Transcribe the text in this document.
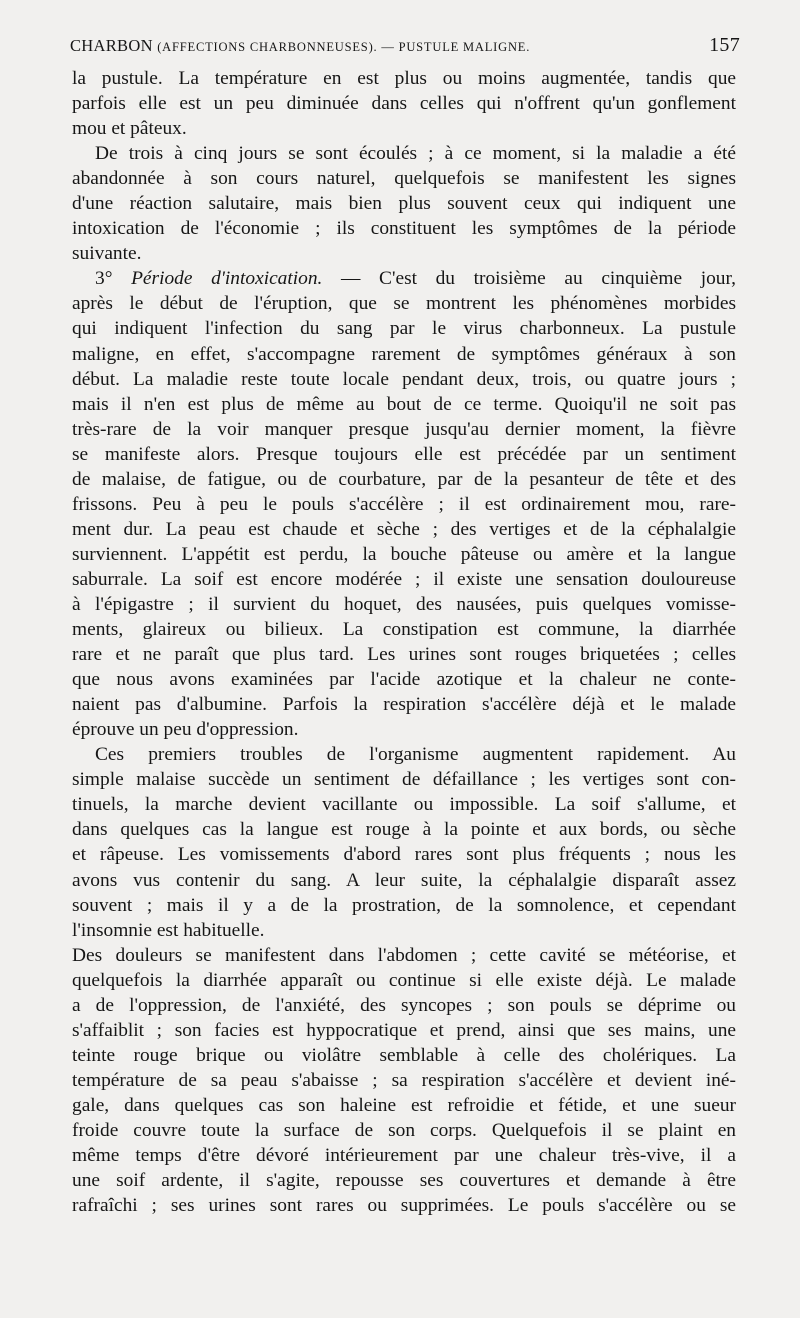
CHARBON (AFFECTIONS CHARBONNEUSES). — PUSTULE MALIGNE.	157

la pustule. La température en est plus ou moins augmentée, tandis que

parfois elle est un peu diminuée dans celles qui n'offrent qu'un gonflement

mou et pâteux.

De trois à cinq jours se sont écoulés ; à ce moment, si la maladie a été

abandonnée à son cours naturel, quelquefois se manifestent les signes

d'une réaction salutaire, mais bien plus souvent ceux qui indiquent une

intoxication de l'économie ; ils constituent les symptômes de la période

suivante.

3° Période d'intoxication. — C'est du troisième au cinquième jour,

après le début de l'éruption, que se montrent les phénomènes morbides

qui indiquent l'infection du sang par le virus charbonneux. La pustule

maligne, en effet, s'accompagne rarement de symptômes généraux à son

début. La maladie reste toute locale pendant deux, trois, ou quatre jours ;

mais il n'en est plus de même au bout de ce terme. Quoiqu'il ne soit pas

très-rare de la voir manquer presque jusqu'au dernier moment, la fièvre

se manifeste alors. Presque toujours elle est précédée par un sentiment

de malaise, de fatigue, ou de courbature, par de la pesanteur de tête et des

frissons. Peu à peu le pouls s'accélère ; il est ordinairement mou, rare-

ment dur. La peau est chaude et sèche ; des vertiges et de la céphalalgie

surviennent. L'appétit est perdu, la bouche pâteuse ou amère et la langue

saburrale. La soif est encore modérée ; il existe une sensation douloureuse

à l'épigastre ; il survient du hoquet, des nausées, puis quelques vomisse-

ments, glaireux ou bilieux. La constipation est commune, la diarrhée

rare et ne paraît que plus tard. Les urines sont rouges briquetées ; celles

que nous avons examinées par l'acide azotique et la chaleur ne conte-

naient pas d'albumine. Parfois la respiration s'accélère déjà et le malade

éprouve un peu d'oppression.

Ces premiers troubles de l'organisme augmentent rapidement. Au

simple malaise succède un sentiment de défaillance ; les vertiges sont con-

tinuels, la marche devient vacillante ou impossible. La soif s'allume, et

dans quelques cas la langue est rouge à la pointe et aux bords, ou sèche

et râpeuse. Les vomissements d'abord rares sont plus fréquents ; nous les

avons vus contenir du sang. A leur suite, la céphalalgie disparaît assez

souvent ; mais il y a de la prostration, de la somnolence, et cependant

l'insomnie est habituelle.

Des douleurs se manifestent dans l'abdomen ; cette cavité se météorise, et

quelquefois la diarrhée apparaît ou continue si elle existe déjà. Le malade

a de l'oppression, de l'anxiété, des syncopes ; son pouls se déprime ou

s'affaiblit ; son facies est hyppocratique et prend, ainsi que ses mains, une

teinte rouge brique ou violâtre semblable à celle des cholériques. La

température de sa peau s'abaisse ; sa respiration s'accélère et devient iné-

gale, dans quelques cas son haleine est refroidie et fétide, et une sueur

froide couvre toute la surface de son corps. Quelquefois il se plaint en

même temps d'être dévoré intérieurement par une chaleur très-vive, il a

une soif ardente, il s'agite, repousse ses couvertures et demande à être

rafraîchi ; ses urines sont rares ou supprimées. Le pouls s'accélère ou se
